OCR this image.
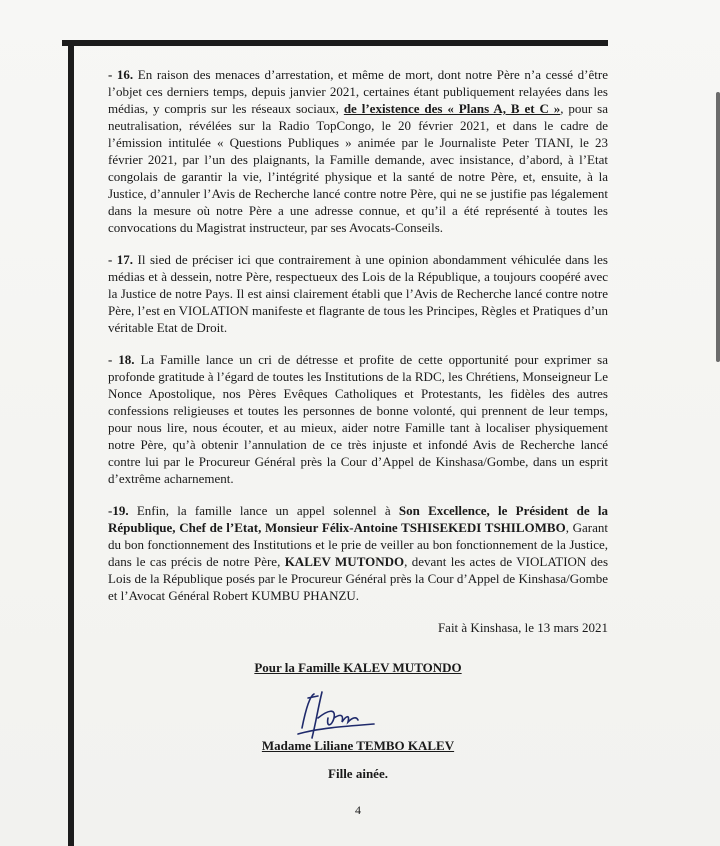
- 16. En raison des menaces d’arrestation, et même de mort, dont notre Père n’a cessé d’être l’objet ces derniers temps, depuis janvier 2021, certaines étant publiquement relayées dans les médias, y compris sur les réseaux sociaux, de l’existence des « Plans A, B et C », pour sa neutralisation, révélées sur la Radio TopCongo, le 20 février 2021, et dans le cadre de l’émission intitulée « Questions Publiques » animée par le Journaliste Peter TIANI, le 23 février 2021, par l’un des plaignants, la Famille demande, avec insistance, d’abord, à l’Etat congolais de garantir la vie, l’intégrité physique et la santé de notre Père, et, ensuite, à la Justice, d’annuler l’Avis de Recherche lancé contre notre Père, qui ne se justifie pas légalement dans la mesure où notre Père a une adresse connue, et qu’il a été représenté à toutes les convocations du Magistrat instructeur, par ses Avocats-Conseils.

- 17. Il sied de préciser ici que contrairement à une opinion abondamment véhiculée dans les médias et à dessein, notre Père, respectueux des Lois de la République, a toujours coopéré avec la Justice de notre Pays. Il est ainsi clairement établi que l’Avis de Recherche lancé contre notre Père, l’est en VIOLATION manifeste et flagrante de tous les Principes, Règles et Pratiques d’un véritable Etat de Droit.

- 18. La Famille lance un cri de détresse et profite de cette opportunité pour exprimer sa profonde gratitude à l’égard de toutes les Institutions de la RDC, les Chrétiens, Monseigneur Le Nonce Apostolique, nos Pères Evêques Catholiques et Protestants, les fidèles des autres confessions religieuses et toutes les personnes de bonne volonté, qui prennent de leur temps, pour nous lire, nous écouter, et au mieux, aider notre Famille tant à localiser physiquement notre Père, qu’à obtenir l’annulation de ce très injuste et infondé Avis de Recherche lancé contre lui par le Procureur Général près la Cour d’Appel de Kinshasa/Gombe, dans un esprit d’extrême acharnement.

-19. Enfin, la famille lance un appel solennel à Son Excellence, le Président de la République, Chef de l’Etat, Monsieur Félix-Antoine TSHISEKEDI TSHILOMBO, Garant du bon fonctionnement des Institutions et le prie de veiller au bon fonctionnement de la Justice, dans le cas précis de notre Père, KALEV MUTONDO, devant les actes de VIOLATION des Lois de la République posés par le Procureur Général près la Cour d’Appel de Kinshasa/Gombe et l’Avocat Général Robert KUMBU PHANZU.

Fait à Kinshasa, le 13 mars 2021

Pour la Famille KALEV MUTONDO
Madame Liliane TEMBO KALEV
Fille ainée.
4
